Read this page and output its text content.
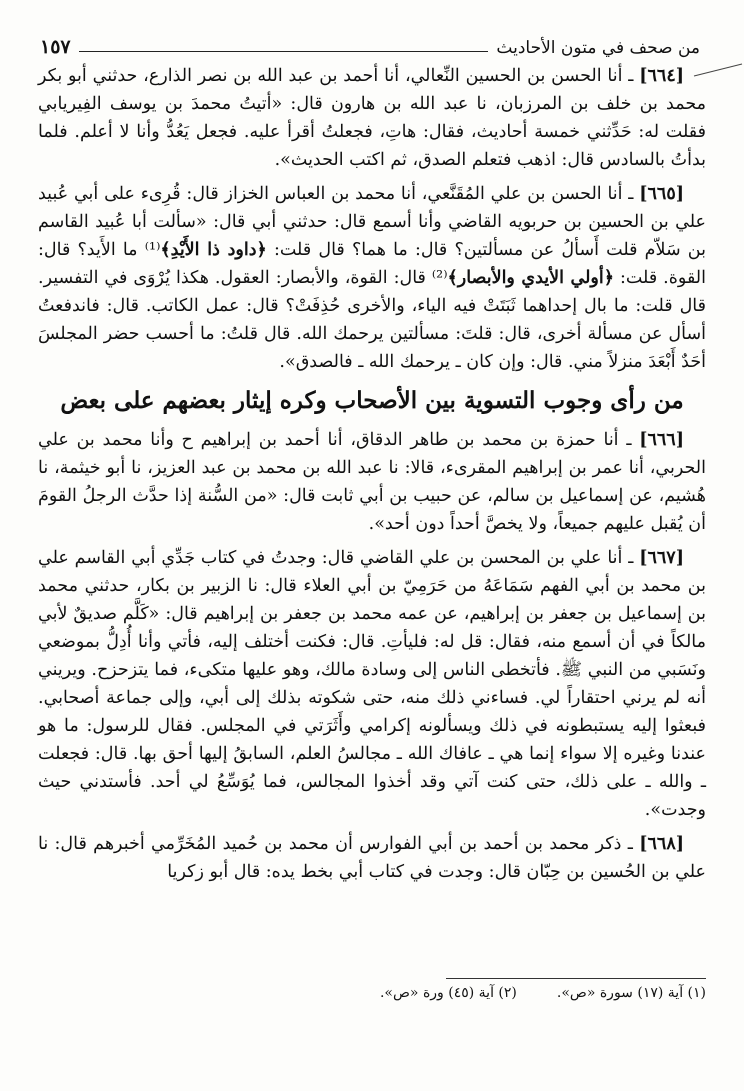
من صحف في متون الأحاديث
١٥٧

[٦٦٤] ـ أنا الحسن بن الحسين النِّعالي، أنا أحمد بن عبد الله بن نصر الذارع، حدثني أبو بكر محمد بن خلف بن المرزبان، نا عبد الله بن هارون قال: «أتيتُ محمدَ بن يوسف الفِيريابي فقلت له: حَدِّثني خمسة أحاديث، فقال: هاتِ، فجعلتُ أقرأ عليه. فجعل يَعُدُّ وأنا لا أعلم. فلما بدأتُ بالسادس قال: اذهب فتعلم الصدق، ثم اكتب الحديث».

[٦٦٥] ـ أنا الحسن بن علي المُقَنَّعي، أنا محمد بن العباس الخزاز قال: قُرِىء على أبي عُبيد علي بن الحسين بن حربويه القاضي وأنا أسمع قال: حدثني أبي قال: «سألت أبا عُبيد القاسم بن سَلاّم قلت أَسألُ عن مسألتين؟ قال: ما هما؟ قال قلت: ﴿داود ذا الأَيْدِ﴾⁽¹⁾ ما الأَيد؟ قال: القوة. قلت: ﴿أولي الأيدي والأبصار﴾⁽²⁾ قال: القوة، والأبصار: العقول. هكذا يُرْوَى في التفسير. قال قلت: ما بال إحداهما ثَبَتَتْ فيه الياء، والأخرى حُذِفَتْ؟ قال: عمل الكاتب. قال: فاندفعتُ أسأل عن مسألة أخرى، قال: قلتَ: مسألتين يرحمك الله. قال قلتُ: ما أحسب حضر المجلسَ أحَدٌ أَبْعَدَ منزلاً مني. قال: وإن كان ـ يرحمك الله ـ فالصدق».

من رأى وجوب التسوية بين الأصحاب وكره إيثار بعضهم على بعض

[٦٦٦] ـ أنا حمزة بن محمد بن طاهر الدقاق، أنا أحمد بن إبراهيم ح وأنا محمد بن علي الحربي، أنا عمر بن إبراهيم المقرىء، قالا: نا عبد الله بن محمد بن عبد العزيز، نا أبو خيثمة، نا هُشيم، عن إسماعيل بن سالم، عن حبيب بن أبي ثابت قال: «من السُّنة إذا حدَّث الرجلُ القومَ أن يُقبل عليهم جميعاً، ولا يخصَّ أحداً دون أحد».

[٦٦٧] ـ أنا علي بن المحسن بن علي القاضي قال: وجدتُ في كتاب جَدِّي أبي القاسم علي بن محمد بن أبي الفهم سَمَاعَهُ من حَرَمِيّ بن أبي العلاء قال: نا الزبير بن بكار، حدثني محمد بن إسماعيل بن جعفر بن إبراهيم، عن عمه محمد بن جعفر بن إبراهيم قال: «كَلَّم صديقٌ لأبي مالكاً في أن أسمع منه، فقال: قل له: فليأتِ. قال: فكنت أختلف إليه، فأتي وأنا أُدِلُّ بموضعي ونَسَبي من النبي ﷺ. فأتخطى الناس إلى وسادة مالك، وهو عليها متكىء، فما يتزحزح. ويريني أنه لم يرني احتقاراً لي. فساءني ذلك منه، حتى شكوته بذلك إلى أبي، وإلى جماعة أصحابي. فبعثوا إليه يستبطونه في ذلك ويسألونه إكرامي وأَثَرَتي في المجلس. فقال للرسول: ما هو عندنا وغيره إلا سواء إنما هي ـ عافاك الله ـ مجالسُ العلم، السابقُ إليها أحق بها. قال: فجعلت ـ والله ـ على ذلك، حتى كنت آتي وقد أخذوا المجالس، فما يُوَسِّعُ لي أحد. فأستدني حيث وجدت».

[٦٦٨] ـ ذكر محمد بن أحمد بن أبي الفوارس أن محمد بن حُميد المُخَرِّمي أخبرهم قال: نا علي بن الحُسين بن حِبّان قال: وجدت في كتاب أبي بخط يده: قال أبو زكريا

(١) آية (١٧) سورة «ص».
(٢) آية (٤٥) ورة «ص».
